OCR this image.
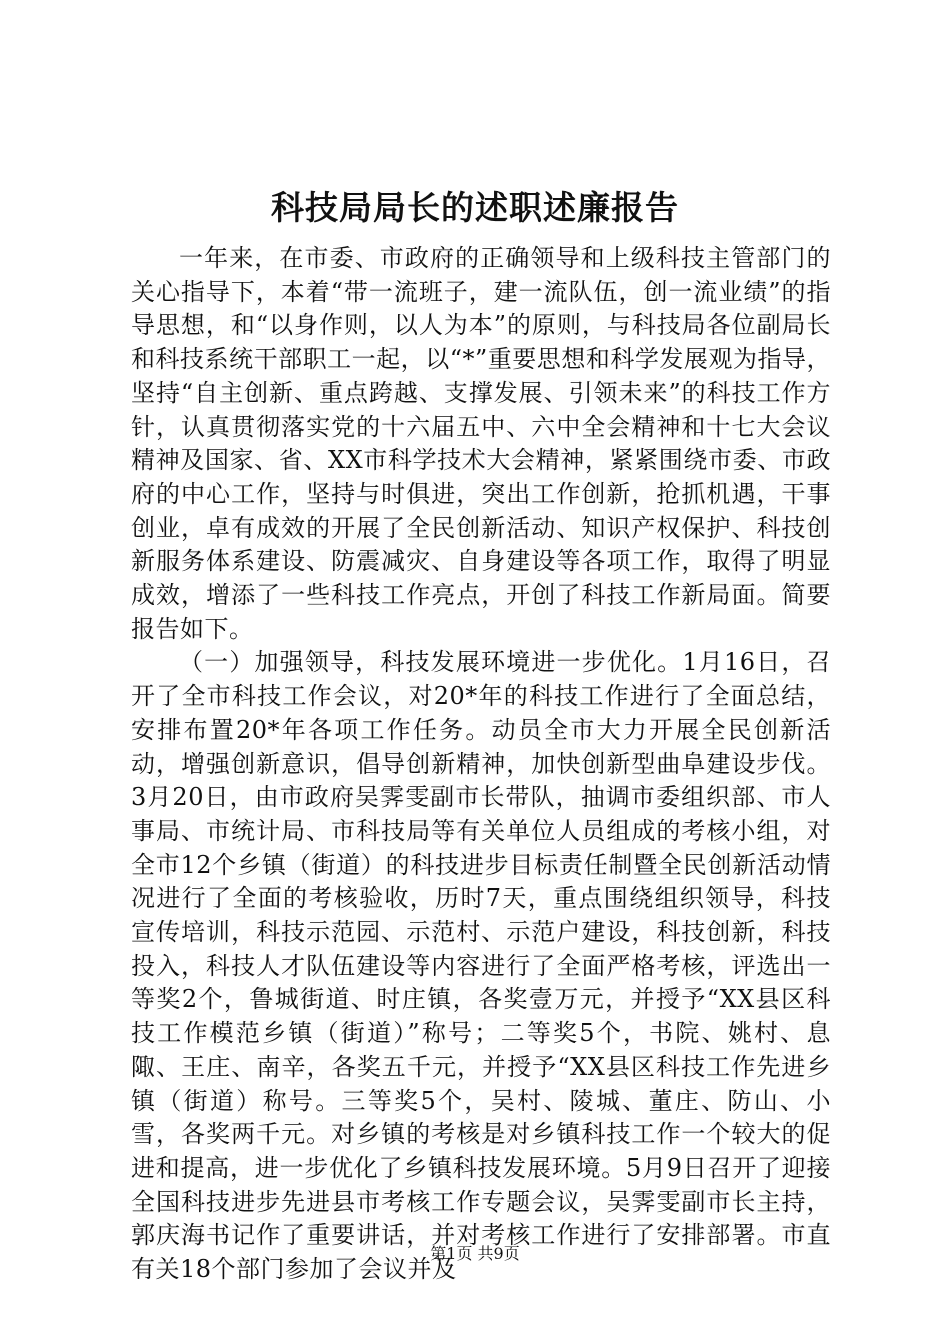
科技局局长的述职述廉报告

一年来，在市委、市政府的正确领导和上级科技主管部门的关心指导下，本着“带一流班子，建一流队伍，创一流业绩”的指导思想，和“以身作则，以人为本”的原则，与科技局各位副局长和科技系统干部职工一起，以“*”重要思想和科学发展观为指导，坚持“自主创新、重点跨越、支撑发展、引领未来”的科技工作方针，认真贯彻落实党的十六届五中、六中全会精神和十七大会议精神及国家、省、XX市科学技术大会精神，紧紧围绕市委、市政府的中心工作，坚持与时俱进，突出工作创新，抢抓机遇，干事创业，卓有成效的开展了全民创新活动、知识产权保护、科技创新服务体系建设、防震减灾、自身建设等各项工作，取得了明显成效，增添了一些科技工作亮点，开创了科技工作新局面。简要报告如下。

（一）加强领导，科技发展环境进一步优化。1月16日，召开了全市科技工作会议，对20*年的科技工作进行了全面总结，安排布置20*年各项工作任务。动员全市大力开展全民创新活动，增强创新意识，倡导创新精神，加快创新型曲阜建设步伐。3月20日，由市政府吴霁雯副市长带队，抽调市委组织部、市人事局、市统计局、市科技局等有关单位人员组成的考核小组，对全市12个乡镇（街道）的科技进步目标责任制暨全民创新活动情况进行了全面的考核验收，历时7天，重点围绕组织领导，科技宣传培训，科技示范园、示范村、示范户建设，科技创新，科技投入，科技人才队伍建设等内容进行了全面严格考核，评选出一等奖2个，鲁城街道、时庄镇，各奖壹万元，并授予“XX县区科技工作模范乡镇（街道）”称号；二等奖5个，书院、姚村、息陬、王庄、南辛，各奖五千元，并授予“XX县区科技工作先进乡镇（街道）称号。三等奖5个，吴村、陵城、董庄、防山、小雪，各奖两千元。对乡镇的考核是对乡镇科技工作一个较大的促进和提高，进一步优化了乡镇科技发展环境。5月9日召开了迎接全国科技进步先进县市考核工作专题会议，吴霁雯副市长主持，郭庆海书记作了重要讲话，并对考核工作进行了安排部署。市直有关18个部门参加了会议并及

第1页 共9页
